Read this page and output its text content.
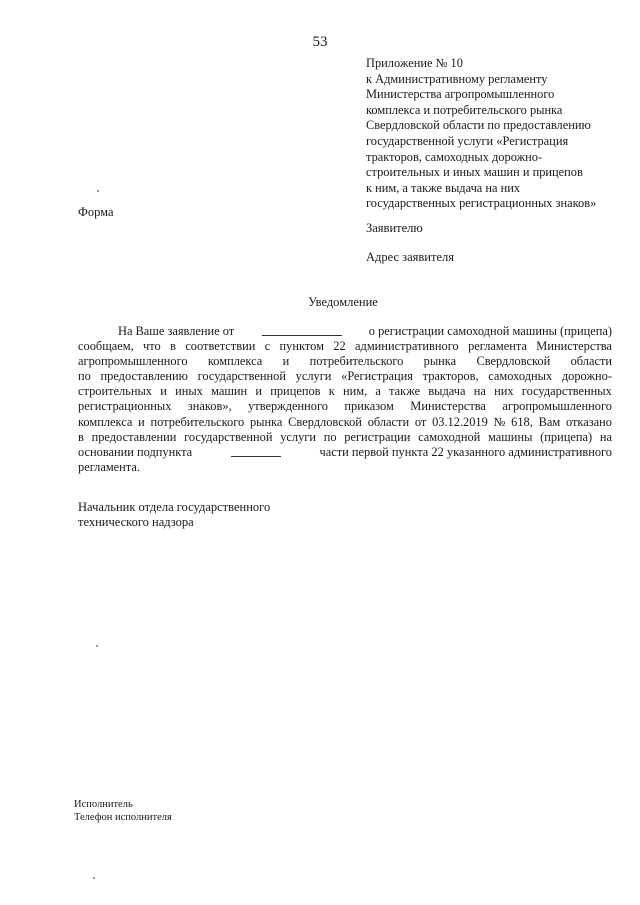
53
Приложение № 10
к Административному регламенту
Министерства агропромышленного
комплекса и потребительского рынка
Свердловской области по предоставлению
государственной услуги «Регистрация
тракторов, самоходных дорожно-
строительных и иных машин и прицепов
к ним, а также выдача на них
государственных регистрационных знаков»
Форма
Заявителю
Адрес заявителя
Уведомление
На Ваше заявление от	о регистрации самоходной машины (прицепа)
сообщаем, что в соответствии с пунктом 22 административного регламента Министерства
агропромышленного комплекса и потребительского рынка Свердловской области
по предоставлению государственной услуги «Регистрация тракторов, самоходных дорожно-
строительных и иных машин и прицепов к ним, а также выдача на них государственных
регистрационных знаков», утвержденного приказом Министерства агропромышленного
комплекса и потребительского рынка Свердловской области от 03.12.2019 № 618, Вам отказано
в предоставлении государственной услуги по регистрации самоходной машины (прицепа) на
основании подпункта	части первой пункта 22 указанного административного
регламента.
Начальник отдела государственного
технического надзора
Исполнитель
Телефон исполнителя
